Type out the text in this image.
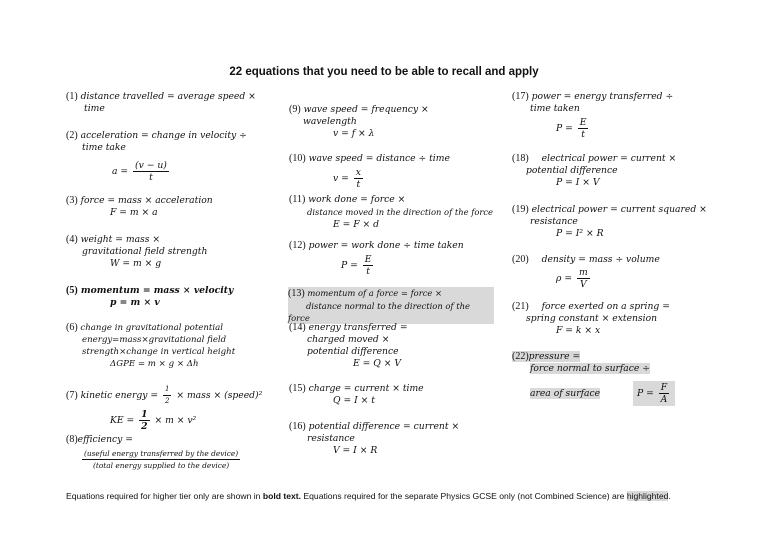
22 equations that you need to be able to recall and apply
(1) distance travelled = average speed ×
time
(2) acceleration = change in velocity ÷
time take
$a = \frac{(v - u)}{t}$
(3) force = mass × acceleration
F = m × a
(4) weight = mass ×
gravitational field strength
W = m × g
(5) momentum = mass × velocity
p = m × v
(6) change in gravitational potential
energy=mass×gravitational field
strength×change in vertical height
ΔGPE = m × g × Δh
(7) kinetic energy = $\frac{1}{2}$ × mass × (speed)²
KE = $\frac{1}{2} \times m \times v^2$
(8)efficiency =
$\frac{\text{(useful energy transferred by the device)}}{\text{(total energy supplied to the device)}}$
(9) wave speed = frequency ×
wavelength
v = f × λ
(10) wave speed = distance ÷ time
$v = \frac{x}{t}$
(11) work done = force ×
distance moved in the direction of the force
E = F × d
(12) power = work done ÷ time taken
$P = \frac{E}{t}$
(13) momentum of a force = force ×
distance normal to the direction of the force
(14) energy transferred =
charged moved ×
potential difference
E = Q × V
(15) charge = current × time
Q = I × t
(16) potential difference = current ×
resistance
V = I × R
(17) power = energy transferred ÷
time taken
$P = \frac{E}{t}$
(18) electrical power = current ×
potential difference
P = I × V
(19) electrical power = current squared ×
resistance
P = I² × R
(20) density = mass ÷ volume
$\rho = \frac{m}{V}$
(21) force exerted on a spring =
spring constant × extension
F = k × x
(22)pressure =
force normal to surface ÷
area of surface	$P = \frac{F}{A}$
Equations required for higher tier only are shown in bold text. Equations required for the separate Physics GCSE only (not Combined Science) are highlighted.
